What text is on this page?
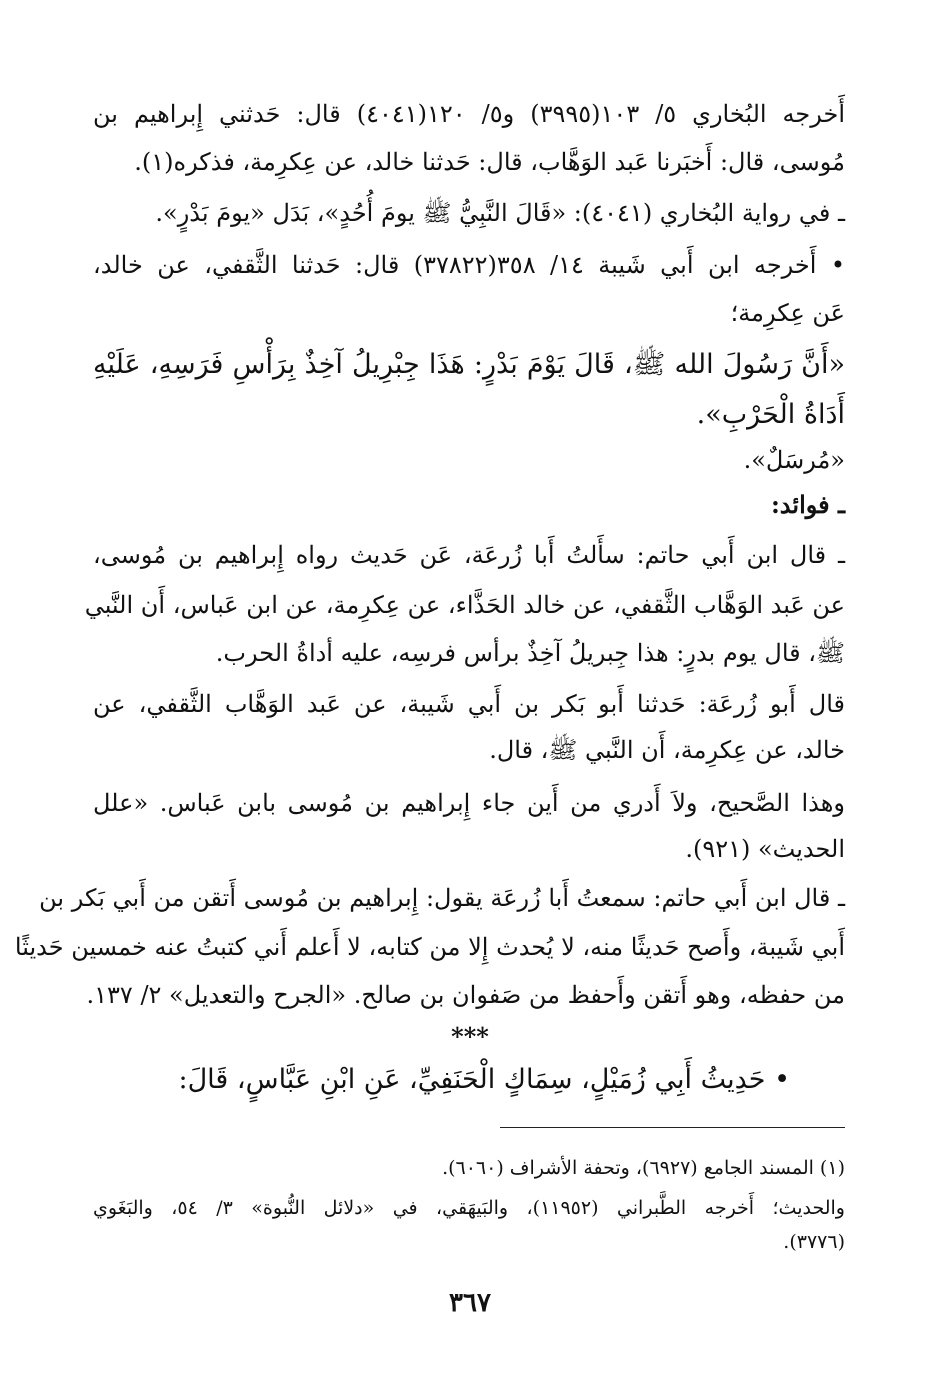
أَخرجه البُخاري ٥/ ١٠٣(٣٩٩٥) و٥/ ١٢٠(٤٠٤١) قال: حَدثني إِبراهيم بن
مُوسى، قال: أَخبَرنا عَبد الوَهَّاب، قال: حَدثنا خالد، عن عِكرِمة، فذكره(١).
ـ في رواية البُخاري (٤٠٤١): «قَالَ النَّبِيُّ ﷺ يومَ أُحُدٍ»، بَدَل «يومَ بَدْرٍ».
• أَخرجه ابن أَبي شَيبة ١٤/ ٣٥٨(٣٧٨٢٢) قال: حَدثنا الثَّقفي، عن خالد،
عَن عِكرِمة؛
«أَنَّ رَسُولَ الله ﷺ، قَالَ يَوْمَ بَدْرٍ: هَذَا جِبْرِيلُ آخِذٌ بِرَأْسِ فَرَسِهِ، عَلَيْهِ
أَدَاةُ الْحَرْبِ».
«مُرسَلٌ».
ـ فوائد:
ـ قال ابن أَبي حاتم: سأَلتُ أَبا زُرعَة، عَن حَديث رواه إِبراهيم بن مُوسى،
عن عَبد الوَهَّاب الثَّقفي، عن خالد الحَذَّاء، عن عِكرِمة، عن ابن عَباس، أَن النَّبي
ﷺ، قال يوم بدرٍ: هذا جِبريلُ آخِذٌ برأس فرسِه، عليه أداةُ الحرب.
قال أَبو زُرعَة: حَدثنا أَبو بَكر بن أَبي شَيبة، عن عَبد الوَهَّاب الثَّقفي، عن
خالد، عن عِكرِمة، أَن النَّبي ﷺ، قال.
وهذا الصَّحيح، ولاَ أَدري من أَين جاء إِبراهيم بن مُوسى بابن عَباس. «علل
الحديث» (٩٢١).
ـ قال ابن أَبي حاتم: سمعتُ أَبا زُرعَة يقول: إِبراهيم بن مُوسى أَتقن من أَبي بَكر بن
أَبي شَيبة، وأَصح حَديثًا منه، لا يُحدث إِلا من كتابه، لا أَعلم أَني كتبتُ عنه خمسين حَديثًا
من حفظه، وهو أَتقن وأَحفظ من صَفوان بن صالح. «الجرح والتعديل» ٢/ ١٣٧.
***
• حَدِيثُ أَبِي زُمَيْلٍ، سِمَاكٍ الْحَنَفِيِّ، عَنِ ابْنِ عَبَّاسٍ، قَالَ:
(١) المسند الجامع (٦٩٢٧)، وتحفة الأشراف (٦٠٦٠).
والحديث؛ أَخرجه الطَّبراني (١١٩٥٢)، والبَيهَقي، في «دلائل النُّبوة» ٣/ ٥٤، والبَغَوي
(٣٧٧٦).
٣٦٧
